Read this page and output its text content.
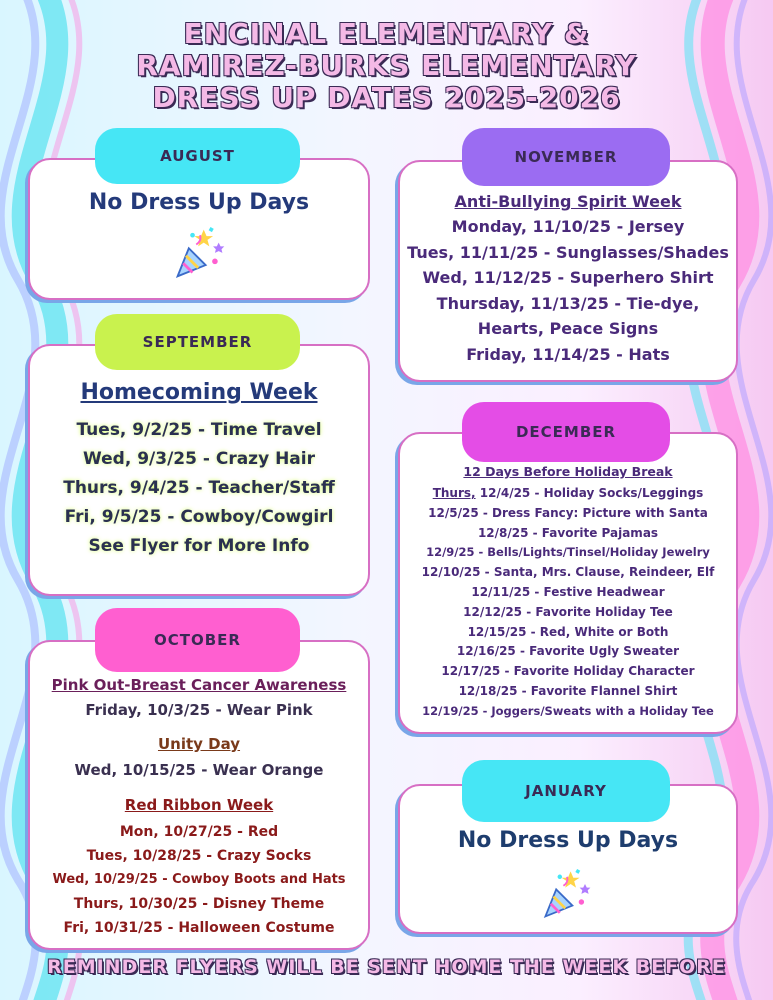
ENCINAL ELEMENTARY &
RAMIREZ-BURKS ELEMENTARY
DRESS UP DATES 2025-2026
No Dress Up Days
AUGUST
Homecoming Week
Tues, 9/2/25 - Time Travel
Wed, 9/3/25 - Crazy Hair
Thurs, 9/4/25 - Teacher/Staff
Fri, 9/5/25 - Cowboy/Cowgirl
See Flyer for More Info
SEPTEMBER
Pink Out-Breast Cancer Awareness
Friday, 10/3/25 - Wear Pink
Unity Day
Wed, 10/15/25 - Wear Orange
Red Ribbon Week
Mon, 10/27/25 - Red
Tues, 10/28/25 - Crazy Socks
Wed, 10/29/25 - Cowboy Boots and Hats
Thurs, 10/30/25 - Disney Theme
Fri, 10/31/25 - Halloween Costume
OCTOBER
Anti-Bullying Spirit Week
Monday, 11/10/25 - Jersey
Tues, 11/11/25 - Sunglasses/Shades
Wed, 11/12/25 - Superhero Shirt
Thursday, 11/13/25 - Tie-dye,
Hearts, Peace Signs
Friday, 11/14/25 - Hats
NOVEMBER
12 Days Before Holiday Break
Thurs, 12/4/25 - Holiday Socks/Leggings
12/5/25 - Dress Fancy: Picture with Santa
12/8/25 - Favorite Pajamas
12/9/25 - Bells/Lights/Tinsel/Holiday Jewelry
12/10/25 - Santa, Mrs. Clause, Reindeer, Elf
12/11/25 - Festive Headwear
12/12/25 - Favorite Holiday Tee
12/15/25 - Red, White or Both
12/16/25 - Favorite Ugly Sweater
12/17/25 - Favorite Holiday Character
12/18/25 - Favorite Flannel Shirt
12/19/25 - Joggers/Sweats with a Holiday Tee
DECEMBER
No Dress Up Days
JANUARY
REMINDER FLYERS WILL BE SENT HOME THE WEEK BEFORE
